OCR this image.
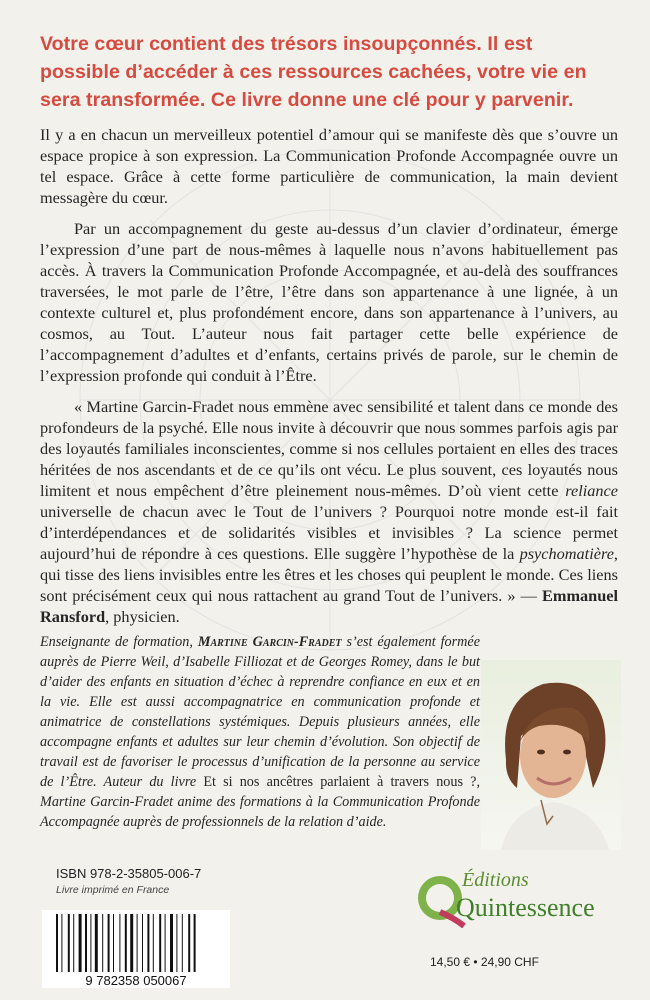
Votre cœur contient des trésors insoupçonnés. Il est possible d’accéder à ces ressources cachées, votre vie en sera transformée. Ce livre donne une clé pour y parvenir.

Il y a en chacun un merveilleux potentiel d’amour qui se manifeste dès que s’ouvre un espace propice à son expression. La Communication Profonde Accompagnée ouvre un tel espace. Grâce à cette forme particulière de communication, la main devient messagère du cœur.

Par un accompagnement du geste au-dessus d’un clavier d’ordinateur, émerge l’expression d’une part de nous-mêmes à laquelle nous n’avons habituellement pas accès. À travers la Communication Profonde Accompagnée, et au-delà des souffrances traversées, le mot parle de l’être, l’être dans son appartenance à une lignée, à un contexte culturel et, plus profondément encore, dans son appartenance à l’univers, au cosmos, au Tout. L’auteur nous fait partager cette belle expérience de l’accompagnement d’adultes et d’enfants, certains privés de parole, sur le chemin de l’expression profonde qui conduit à l’Être.

« Martine Garcin-Fradet nous emmène avec sensibilité et talent dans ce monde des profondeurs de la psyché. Elle nous invite à découvrir que nous sommes parfois agis par des loyautés familiales inconscientes, comme si nos cellules portaient en elles des traces héritées de nos ascendants et de ce qu’ils ont vécu. Le plus souvent, ces loyautés nous limitent et nous empêchent d’être pleinement nous-mêmes. D’où vient cette reliance universelle de chacun avec le Tout de l’univers ? Pourquoi notre monde est-il fait d’interdépendances et de solidarités visibles et invisibles ? La science permet aujourd’hui de répondre à ces questions. Elle suggère l’hypothèse de la psychomatière, qui tisse des liens invisibles entre les êtres et les choses qui peuplent le monde. Ces liens sont précisément ceux qui nous rattachent au grand Tout de l’univers. » — Emmanuel Ransford, physicien.
Enseignante de formation, Martine Garcin-Fradet s’est également formée auprès de Pierre Weil, d’Isabelle Filliozat et de Georges Romey, dans le but d’aider des enfants en situation d’échec à reprendre confiance en eux et en la vie. Elle est aussi accompagnatrice en communication profonde et animatrice de constellations systémiques. Depuis plusieurs années, elle accompagne enfants et adultes sur leur chemin d’évolution. Son objectif de travail est de favoriser le processus d’unification de la personne au service de l’Être. Auteur du livre Et si nos ancêtres parlaient à travers nous ?, Martine Garcin-Fradet anime des formations à la Communication Profonde Accompagnée auprès de professionnels de la relation d’aide.
ISBN 978-2-35805-006-7
Livre imprimé en France
9 782358 050067
Éditions
Quintessence
14,50 € • 24,90 CHF
